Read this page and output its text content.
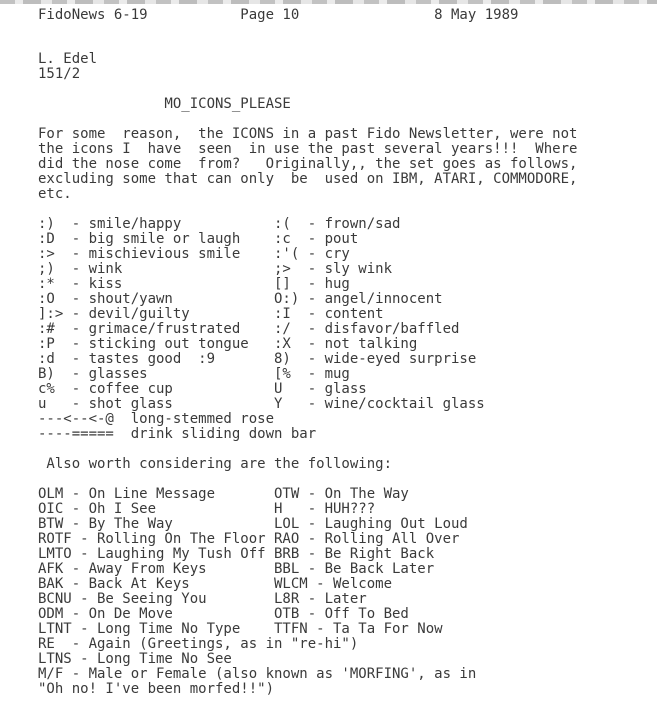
FidoNews 6-19	Page 10	8 May 1989
L. Edel
151/2
MO_ICONS_PLEASE
For some  reason,  the ICONS in a past Fido Newsletter, were not
the icons I  have  seen  in use the past several years!!!  Where
did the nose come  from?   Originally,, the set goes as follows,
excluding some that can only  be  used on IBM, ATARI, COMMODORE,
etc.
:)  - smile/happy           :(  - frown/sad
:D  - big smile or laugh    :c  - pout
:>  - mischievious smile    :'( - cry
;)  - wink                  ;>  - sly wink
:*  - kiss                  []  - hug
:O  - shout/yawn            O:) - angel/innocent
]:> - devil/guilty          :I  - content
:#  - grimace/frustrated    :/  - disfavor/baffled
:P  - sticking out tongue   :X  - not talking
:d  - tastes good  :9       8)  - wide-eyed surprise
B)  - glasses               [%  - mug
c%  - coffee cup            U   - glass
u   - shot glass            Y   - wine/cocktail glass
---<--<-@  long-stemmed rose
----=====  drink sliding down bar
Also worth considering are the following:
OLM - On Line Message       OTW - On The Way
OIC - Oh I See              H   - HUH???
BTW - By The Way            LOL - Laughing Out Loud
ROTF - Rolling On The Floor RAO - Rolling All Over
LMTO - Laughing My Tush Off BRB - Be Right Back
AFK - Away From Keys        BBL - Be Back Later
BAK - Back At Keys          WLCM - Welcome
BCNU - Be Seeing You        L8R - Later
ODM - On De Move            OTB - Off To Bed
LTNT - Long Time No Type    TTFN - Ta Ta For Now
RE  - Again (Greetings, as in "re-hi")
LTNS - Long Time No See
M/F - Male or Female (also known as 'MORFING', as in
"Oh no! I've been morfed!!")
